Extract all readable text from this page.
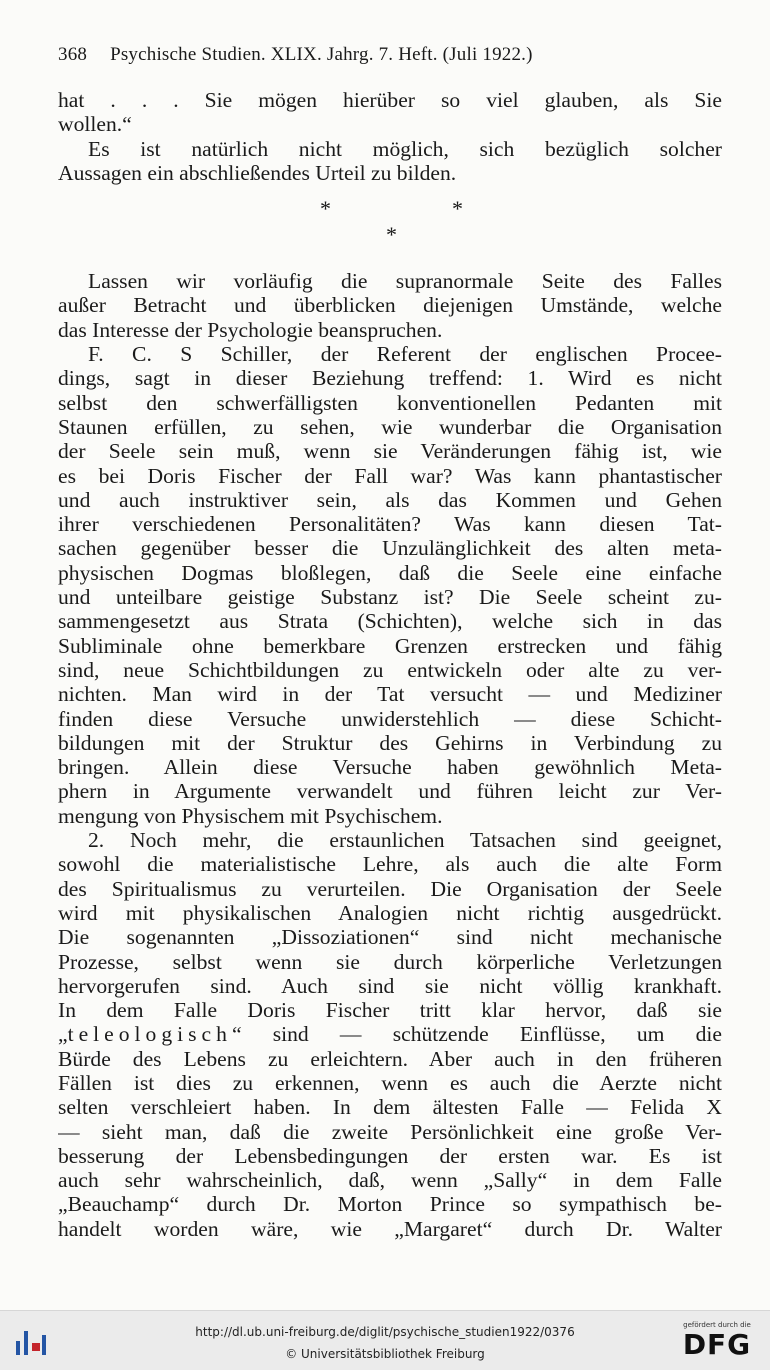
368 Psychische Studien. XLIX. Jahrg. 7. Heft. (Juli 1922.)
hat . . . Sie mögen hierüber so viel glauben, als Sie
wollen.“
Es ist natürlich nicht möglich, sich bezüglich solcher
Aussagen ein abschließendes Urteil zu bilden.
*	*
*
Lassen wir vorläufig die supranormale Seite des Falles
außer Betracht und überblicken diejenigen Umstände, welche
das Interesse der Psychologie beanspruchen.
F. C. S Schiller, der Referent der englischen Procee-
dings, sagt in dieser Beziehung treffend: 1. Wird es nicht
selbst den schwerfälligsten konventionellen Pedanten mit
Staunen erfüllen, zu sehen, wie wunderbar die Organisation
der Seele sein muß, wenn sie Veränderungen fähig ist, wie
es bei Doris Fischer der Fall war? Was kann phantastischer
und auch instruktiver sein, als das Kommen und Gehen
ihrer verschiedenen Personalitäten? Was kann diesen Tat-
sachen gegenüber besser die Unzulänglichkeit des alten meta-
physischen Dogmas bloßlegen, daß die Seele eine einfache
und unteilbare geistige Substanz ist? Die Seele scheint zu-
sammengesetzt aus Strata (Schichten), welche sich in das
Subliminale ohne bemerkbare Grenzen erstrecken und fähig
sind, neue Schichtbildungen zu entwickeln oder alte zu ver-
nichten. Man wird in der Tat versucht — und Mediziner
finden diese Versuche unwiderstehlich — diese Schicht-
bildungen mit der Struktur des Gehirns in Verbindung zu
bringen. Allein diese Versuche haben gewöhnlich Meta-
phern in Argumente verwandelt und führen leicht zur Ver-
mengung von Physischem mit Psychischem.
2. Noch mehr, die erstaunlichen Tatsachen sind geeignet,
sowohl die materialistische Lehre, als auch die alte Form
des Spiritualismus zu verurteilen. Die Organisation der Seele
wird mit physikalischen Analogien nicht richtig ausgedrückt.
Die sogenannten „Dissoziationen“ sind nicht mechanische
Prozesse, selbst wenn sie durch körperliche Verletzungen
hervorgerufen sind. Auch sind sie nicht völlig krankhaft.
In dem Falle Doris Fischer tritt klar hervor, daß sie
„teleologisch“ sind — schützende Einflüsse, um die
Bürde des Lebens zu erleichtern. Aber auch in den früheren
Fällen ist dies zu erkennen, wenn es auch die Aerzte nicht
selten verschleiert haben. In dem ältesten Falle — Felida X
— sieht man, daß die zweite Persönlichkeit eine große Ver-
besserung der Lebensbedingungen der ersten war. Es ist
auch sehr wahrscheinlich, daß, wenn „Sally“ in dem Falle
„Beauchamp“ durch Dr. Morton Prince so sympathisch be-
handelt worden wäre, wie „Margaret“ durch Dr. Walter
http://dl.ub.uni-freiburg.de/diglit/psychische_studien1922/0376
© Universitätsbibliothek Freiburg
gefördert durch die
DFG
